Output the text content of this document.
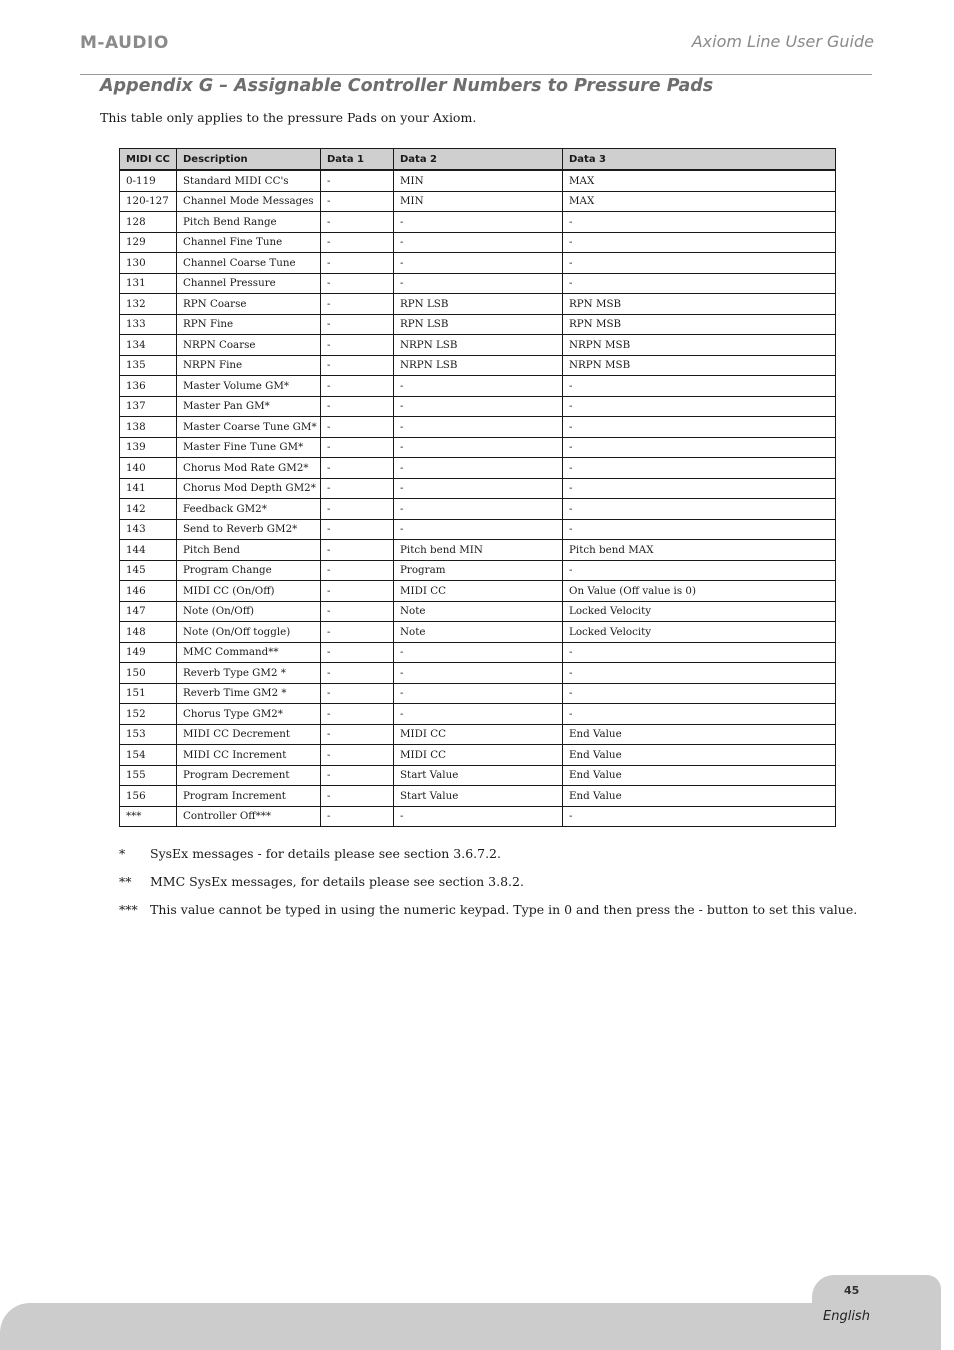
M-AUDIO	Axiom Line User Guide
Appendix G – Assignable Controller Numbers to Pressure Pads

This table only applies to the pressure Pads on your Axiom.

MIDI CC	Description	Data 1	Data 2	Data 3
0-119	Standard MIDI CC's	-	MIN	MAX
120-127	Channel Mode Messages	-	MIN	MAX
128	Pitch Bend Range	-	-	-
129	Channel Fine Tune	-	-	-
130	Channel Coarse Tune	-	-	-
131	Channel Pressure	-	-	-
132	RPN Coarse	-	RPN LSB	RPN MSB
133	RPN Fine	-	RPN LSB	RPN MSB
134	NRPN Coarse	-	NRPN LSB	NRPN MSB
135	NRPN Fine	-	NRPN LSB	NRPN MSB
136	Master Volume GM*	-	-	-
137	Master Pan GM*	-	-	-
138	Master Coarse Tune GM*	-	-	-
139	Master Fine Tune GM*	-	-	-
140	Chorus Mod Rate GM2*	-	-	-
141	Chorus Mod Depth GM2*	-	-	-
142	Feedback GM2*	-	-	-
143	Send to Reverb GM2*	-	-	-
144	Pitch Bend	-	Pitch bend MIN	Pitch bend MAX
145	Program Change	-	Program	-
146	MIDI CC (On/Off)	-	MIDI CC	On Value (Off value is 0)
147	Note (On/Off)	-	Note	Locked Velocity
148	Note (On/Off toggle)	-	Note	Locked Velocity
149	MMC Command**	-	-	-
150	Reverb Type GM2 *	-	-	-
151	Reverb Time GM2 *	-	-	-
152	Chorus Type GM2*	-	-	-
153	MIDI CC Decrement	-	MIDI CC	End Value
154	MIDI CC Increment	-	MIDI CC	End Value
155	Program Decrement	-	Start Value	End Value
156	Program Increment	-	Start Value	End Value
***	Controller Off***	-	-	-
* SysEx messages - for details please see section 3.6.7.2.
** MMC SysEx messages, for details please see section 3.8.2.
*** This value cannot be typed in using the numeric keypad. Type in 0 and then press the - button to set this value.
45
English
